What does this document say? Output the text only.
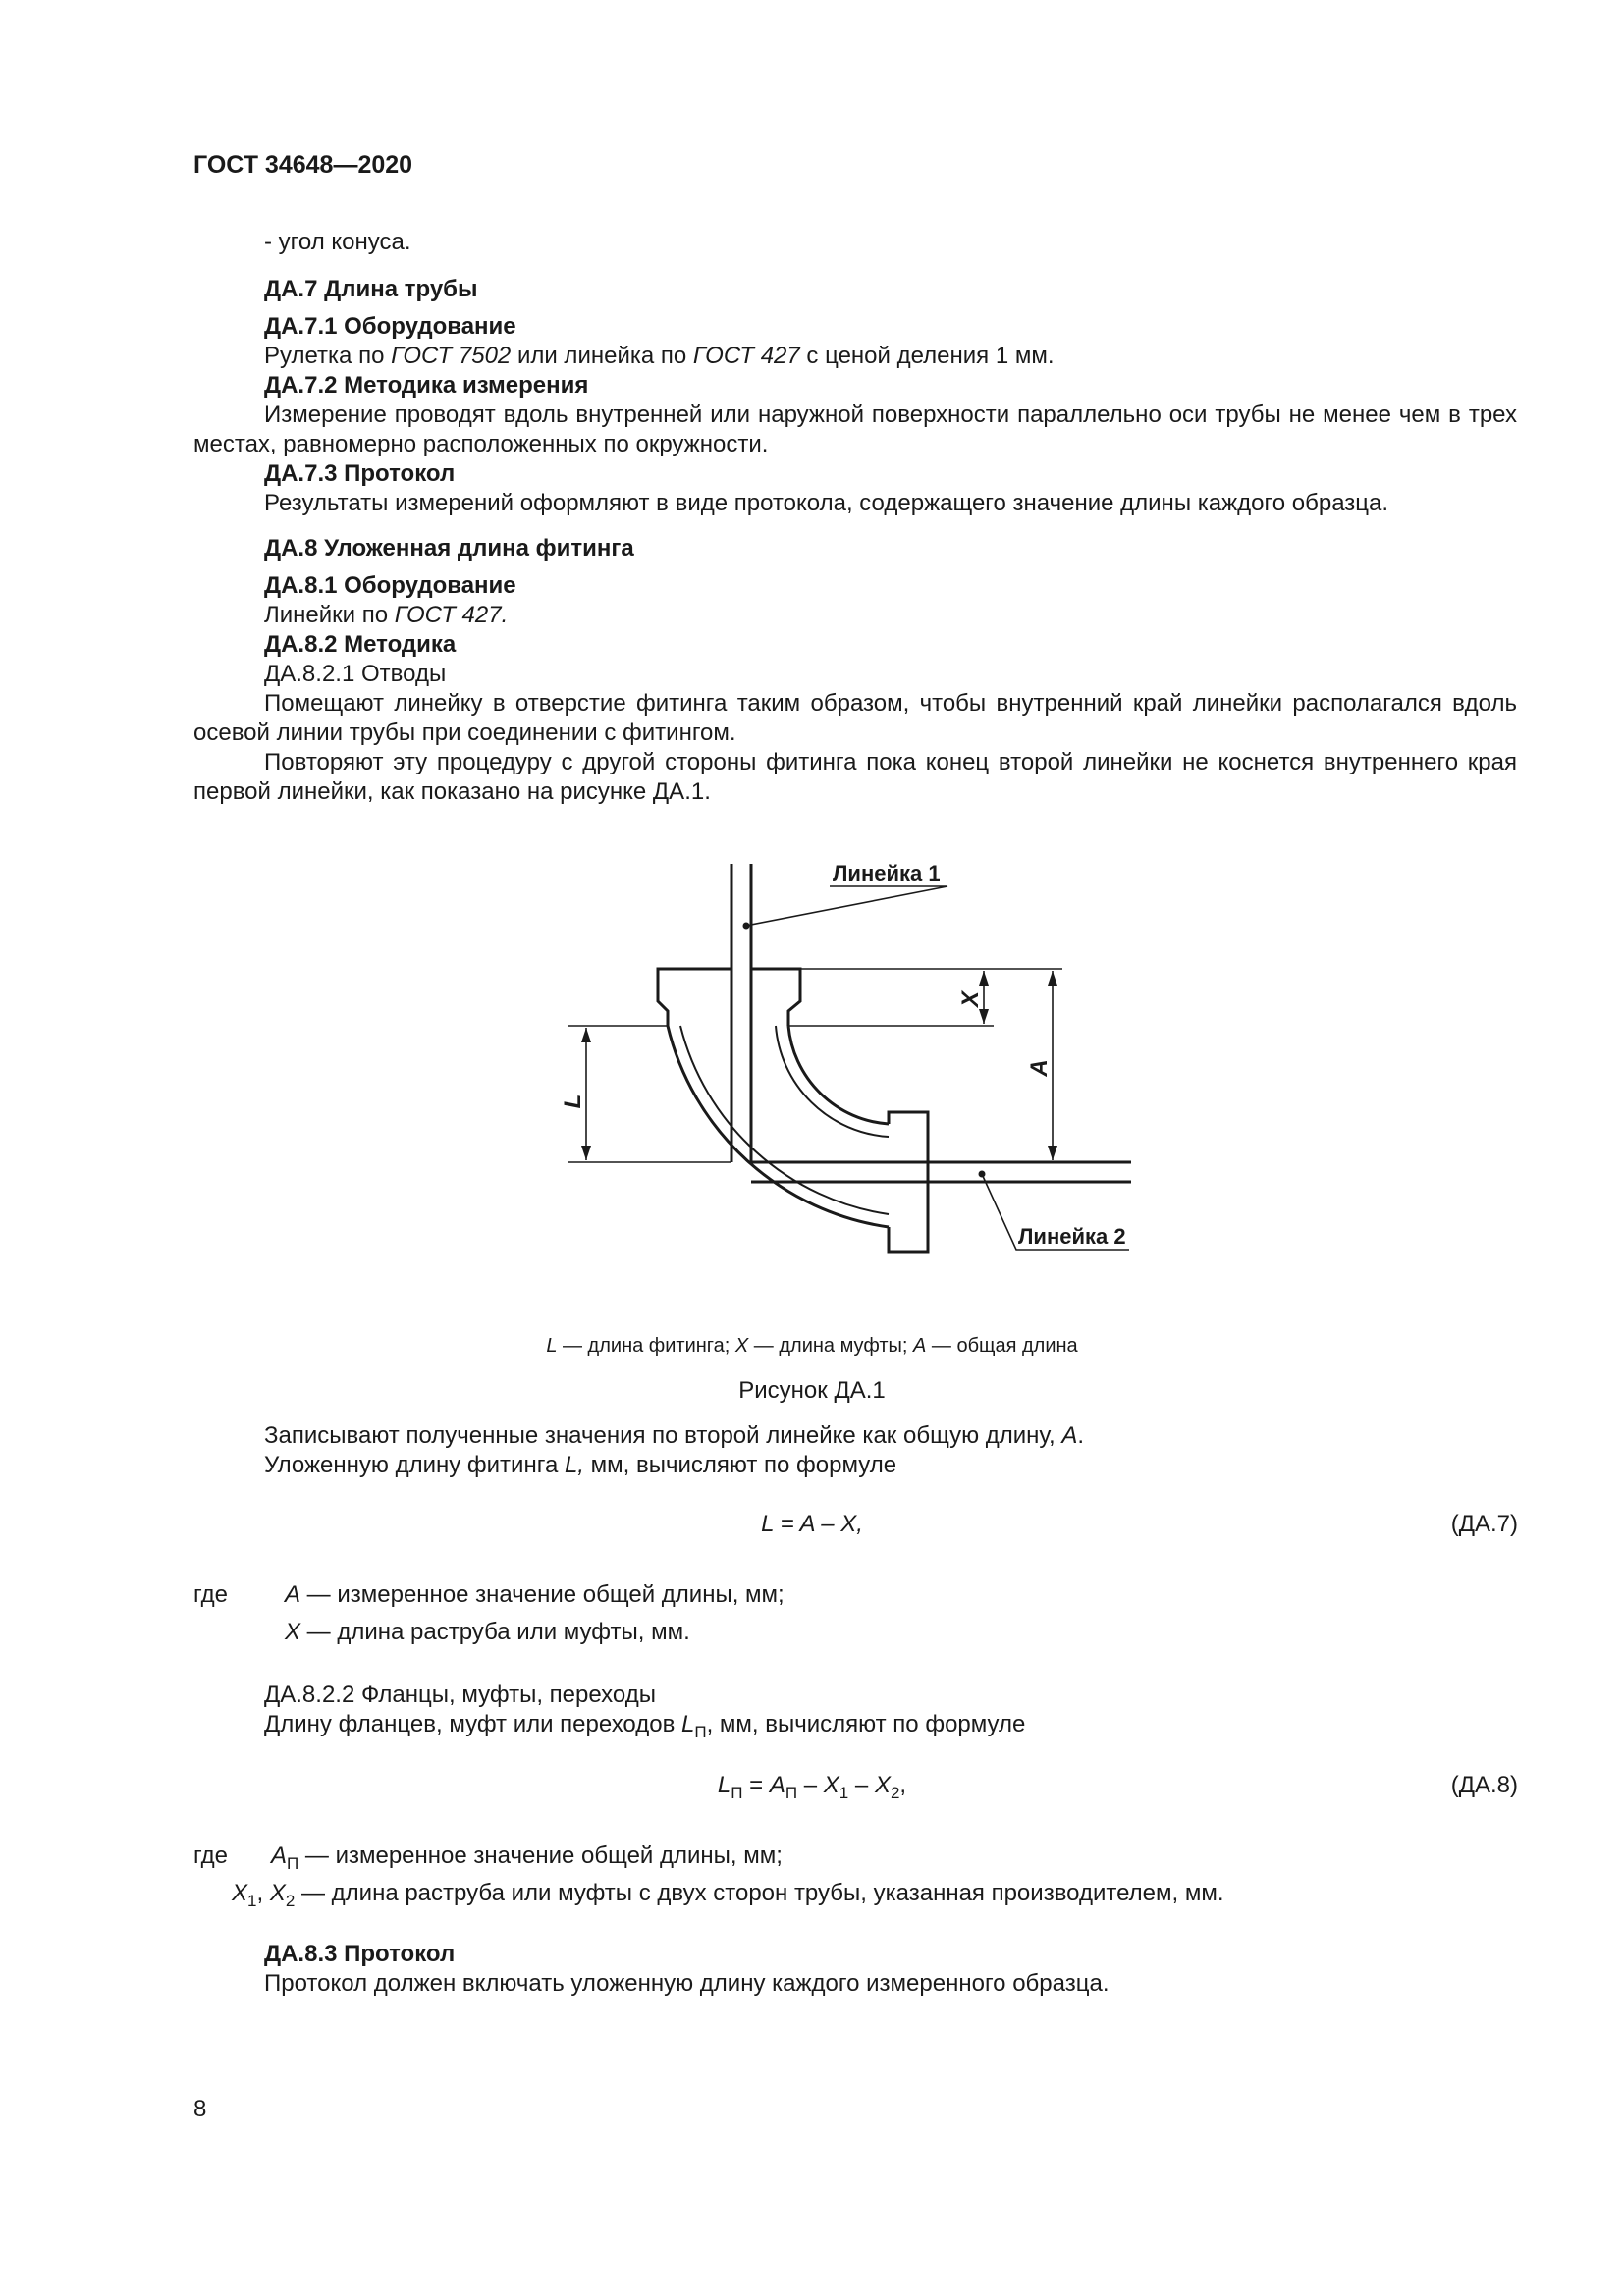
ГОСТ 34648—2020
- угол конуса.
ДА.7 Длина трубы
ДА.7.1 Оборудование
Рулетка по ГОСТ 7502 или линейка по ГОСТ 427 с ценой деления 1 мм.
ДА.7.2 Методика измерения
Измерение проводят вдоль внутренней или наружной поверхности параллельно оси трубы не менее чем в трех местах, равномерно расположенных по окружности.
ДА.7.3 Протокол
Результаты измерений оформляют в виде протокола, содержащего значение длины каждого образца.
ДА.8 Уложенная длина фитинга
ДА.8.1 Оборудование
Линейки по ГОСТ 427.
ДА.8.2 Методика
ДА.8.2.1 Отводы
Помещают линейку в отверстие фитинга таким образом, чтобы внутренний край линейки располагался вдоль осевой линии трубы при соединении с фитингом.
Повторяют эту процедуру с другой стороны фитинга пока конец второй линейки не коснется внутреннего края первой линейки, как показано на рисунке ДА.1.
Линейка 1
Линейка 2
L
X
A
L — длина фитинга; X — длина муфты; A — общая длина
Рисунок ДА.1
Записывают полученные значения по второй линейке как общую длину, A.
Уложенную длину фитинга L, мм, вычисляют по формуле
L = A – X,	(ДА.7)
где A — измеренное значение общей длины, мм;
X — длина раструба или муфты, мм.
ДА.8.2.2 Фланцы, муфты, переходы
Длину фланцев, муфт или переходов $L_П$, мм, вычисляют по формуле
$L_П = A_П - X_1 - X_2$,	(ДА.8)
где $A_П$ — измеренное значение общей длины, мм;
$X_1$, $X_2$ — длина раструба или муфты с двух сторон трубы, указанная производителем, мм.
ДА.8.3 Протокол
Протокол должен включать уложенную длину каждого измеренного образца.
8
